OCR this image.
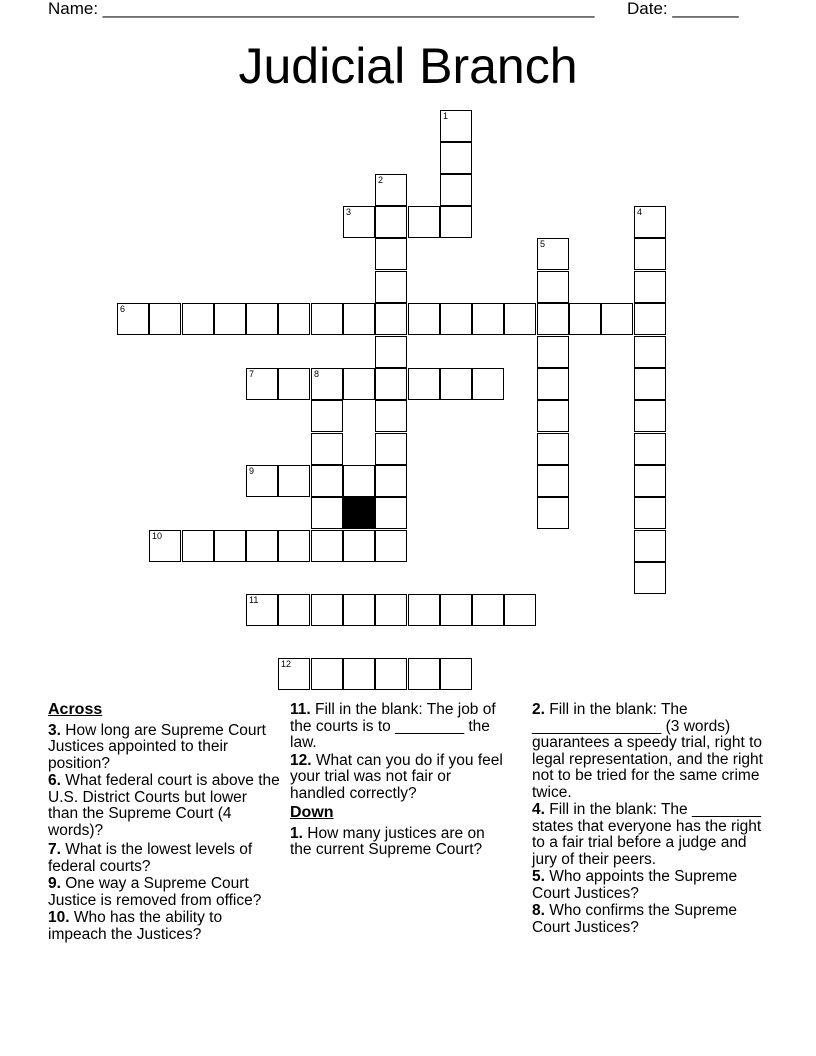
Name: ____________________________________________________ Date: _______
Judicial Branch
1
2
3	4
5
6
7	8
9
10
11
12
Across
3. How long are Supreme Court Justices appointed to their position?
6. What federal court is above the U.S. District Courts but lower than the Supreme Court (4 words)?
7. What is the lowest levels of federal courts?
9. One way a Supreme Court Justice is removed from office?
10. Who has the ability to impeach the Justices?
11. Fill in the blank: The job of the courts is to ________ the law.
12. What can you do if you feel your trial was not fair or handled correctly?
Down
1. How many justices are on the current Supreme Court?
2. Fill in the blank: The _______________ (3 words) guarantees a speedy trial, right to legal representation, and the right not to be tried for the same crime twice.
4. Fill in the blank: The ________ states that everyone has the right to a fair trial before a judge and jury of their peers.
5. Who appoints the Supreme Court Justices?
8. Who confirms the Supreme Court Justices?
